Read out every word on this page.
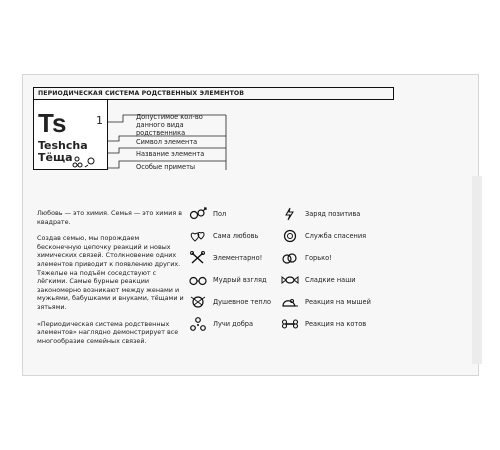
ПЕРИОДИЧЕСКАЯ СИСТЕМА РОДСТВЕННЫХ ЭЛЕМЕНТОВ
Ts	1
Teshcha
Тёща
Допустимое кол-во данного вида родственника
Символ элемента
Название элемента
Особые приметы

Любовь — это химия. Семья — это химия в квадрате.

Создав семью, мы порождаем бесконечную цепочку реакций и новых химических связей. Столкновение одних элементов приводит к появлению других. Тяжелые на подъём соседствуют с лёгкими. Самые бурные реакции закономерно возникают между женами и мужьями, бабушками и внуками, тёщами и зятьями.

«Периодическая система родственных элементов» наглядно демонстрирует все многообразие семейных связей.

Пол	Заряд позитива
Сама любовь	Служба спасения
Элементарно!	Горько!
Мудрый взгляд	Сладкие наши
Душевное тепло	Реакция на мышей
Лучи добра	Реакция на котов
